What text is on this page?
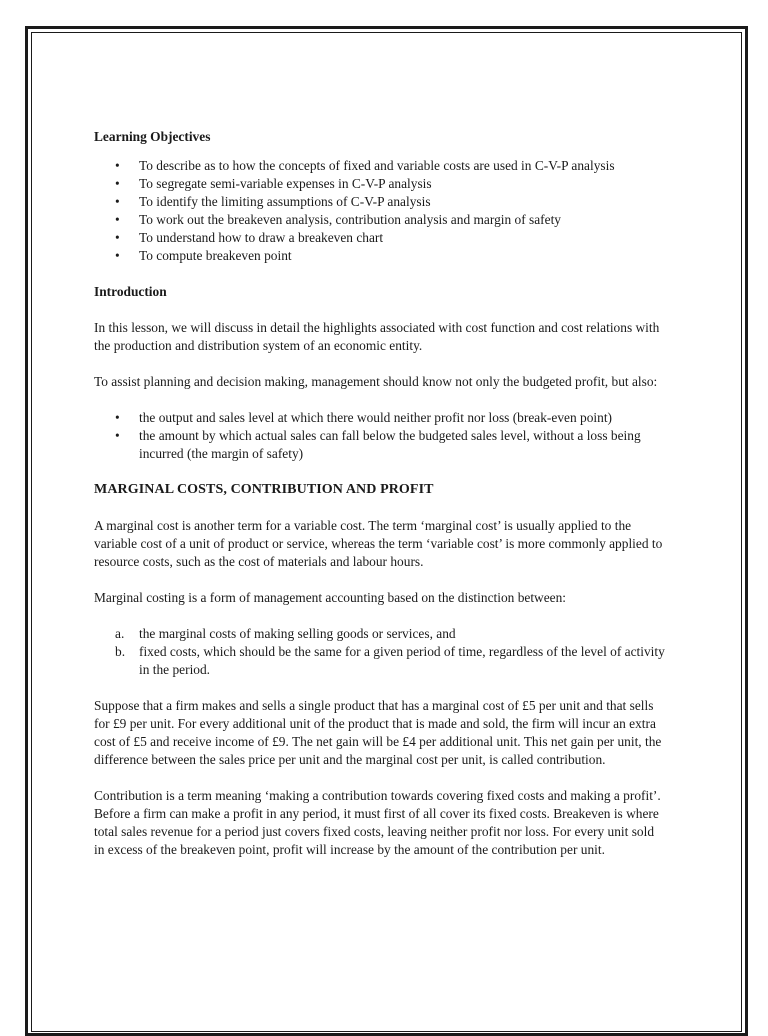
Learning Objectives
• To describe as to how the concepts of fixed and variable costs are used in C-V-P analysis
• To segregate semi-variable expenses in C-V-P analysis
• To identify the limiting assumptions of C-V-P analysis
• To work out the breakeven analysis, contribution analysis and margin of safety
• To understand how to draw a breakeven chart
• To compute breakeven point
Introduction

In this lesson, we will discuss in detail the highlights associated with cost function and cost relations with the production and distribution system of an economic entity.

To assist planning and decision making, management should know not only the budgeted profit, but also:

• the output and sales level at which there would neither profit nor loss (break-even point)
• the amount by which actual sales can fall below the budgeted sales level, without a loss being incurred (the margin of safety)
MARGINAL COSTS, CONTRIBUTION AND PROFIT

A marginal cost is another term for a variable cost. The term ‘marginal cost’ is usually applied to the variable cost of a unit of product or service, whereas the term ‘variable cost’ is more commonly applied to resource costs, such as the cost of materials and labour hours.

Marginal costing is a form of management accounting based on the distinction between:

a. the marginal costs of making selling goods or services, and
b. fixed costs, which should be the same for a given period of time, regardless of the level of activity in the period.

Suppose that a firm makes and sells a single product that has a marginal cost of £5 per unit and that sells for £9 per unit. For every additional unit of the product that is made and sold, the firm will incur an extra cost of £5 and receive income of £9. The net gain will be £4 per additional unit. This net gain per unit, the difference between the sales price per unit and the marginal cost per unit, is called contribution.

Contribution is a term meaning ‘making a contribution towards covering fixed costs and making a profit’. Before a firm can make a profit in any period, it must first of all cover its fixed costs. Breakeven is where total sales revenue for a period just covers fixed costs, leaving neither profit nor loss. For every unit sold in excess of the breakeven point, profit will increase by the amount of the contribution per unit.
